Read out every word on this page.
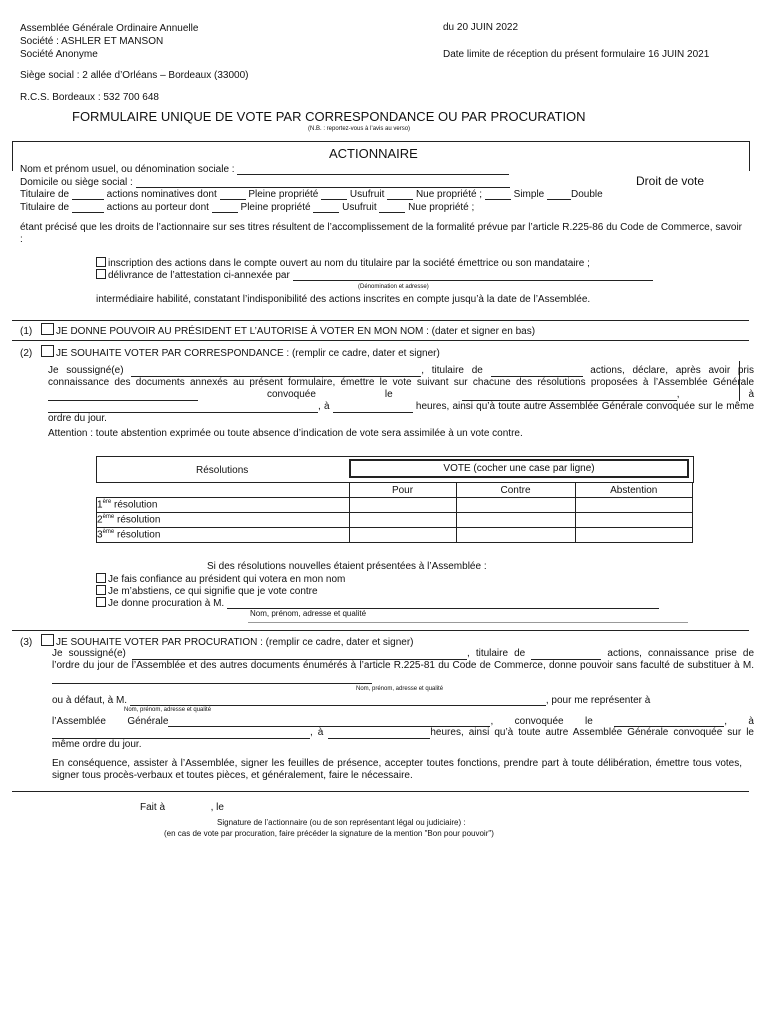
Assemblée Générale Ordinaire Annuelle
Société : ASHLER ET MANSON
Société Anonyme
du 20 JUIN 2022
Date limite de réception du présent formulaire 16 JUIN 2021
Siège social : 2 allée d’Orléans – Bordeaux (33000)
R.C.S. Bordeaux : 532 700 648
FORMULAIRE UNIQUE DE VOTE PAR CORRESPONDANCE OU PAR PROCURATION
(N.B. : reportez-vous à l’avis au verso)
ACTIONNAIRE
Nom et prénom usuel, ou dénomination sociale :
Domicile ou siège social :	Droit de vote
Titulaire de	actions nominatives dont	Pleine propriété	Usufruit	Nue propriété ;	Simple	Double
Titulaire de	actions au porteur dont	Pleine propriété	Usufruit	Nue propriété ;
étant précisé que les droits de l’actionnaire sur ses titres résultent de l’accomplissement de la formalité prévue par l’article R.225-86 du Code de Commerce, savoir :
inscription des actions dans le compte ouvert au nom du titulaire par la société émettrice ou son mandataire ;
délivrance de l’attestation ci-annexée par
(Dénomination et adresse)
intermédiaire habilité, constatant l’indisponibilité des actions inscrites en compte jusqu’à la date de l’Assemblée.
(1) JE DONNE POUVOIR AU PRÉSIDENT ET L’AUTORISE À VOTER EN MON NOM : (dater et signer en bas)
(2) JE SOUHAITE VOTER PAR CORRESPONDANCE : (remplir ce cadre, dater et signer)
Je soussigné(e)	, titulaire de	actions, déclare, après avoir pris connaissance des documents annexés au présent formulaire, émettre le vote suivant sur chacune des résolutions proposées à l’Assemblée Générale  convoquée	le	, à , à	heures, ainsi qu’à toute autre Assemblée Générale convoquée sur le même ordre du jour.
Attention : toute abstention exprimée ou toute absence d’indication de vote sera assimilée à un vote contre.
Résolutions	VOTE (cocher une case par ligne)
	Pour	Contre	Abstention
1ère résolution			
2ème résolution			
3ème résolution			
Si des résolutions nouvelles étaient présentées à l’Assemblée :
Je fais confiance au président qui votera en mon nom
Je m’abstiens, ce qui signifie que je vote contre
Je donne procuration à M.
Nom, prénom, adresse et qualité
(3) JE SOUHAITE VOTER PAR PROCURATION : (remplir ce cadre, dater et signer)
Je soussigné(e)	, titulaire de	actions, connaissance prise de l’ordre du jour de l’Assemblée et des autres documents énumérés à l’article R.225-81 du Code de Commerce, donne pouvoir sans faculté de substituer à M.
Nom, prénom, adresse et qualité
ou à défaut, à M.	, pour me représenter à
Nom, prénom, adresse et qualité
l’Assemblée Générale	, convoquée le	, à
, à	heures, ainsi qu’à toute autre Assemblée Générale convoquée sur le même ordre du jour.
En conséquence, assister à l’Assemblée, signer les feuilles de présence, accepter toutes fonctions, prendre part à toute délibération, émettre tous votes, signer tous procès-verbaux et toutes pièces, et généralement, faire le nécessaire.
Fait à	, le
Signature de l’actionnaire (ou de son représentant légal ou judiciaire) :
(en cas de vote par procuration, faire précéder la signature de la mention "Bon pour pouvoir")
